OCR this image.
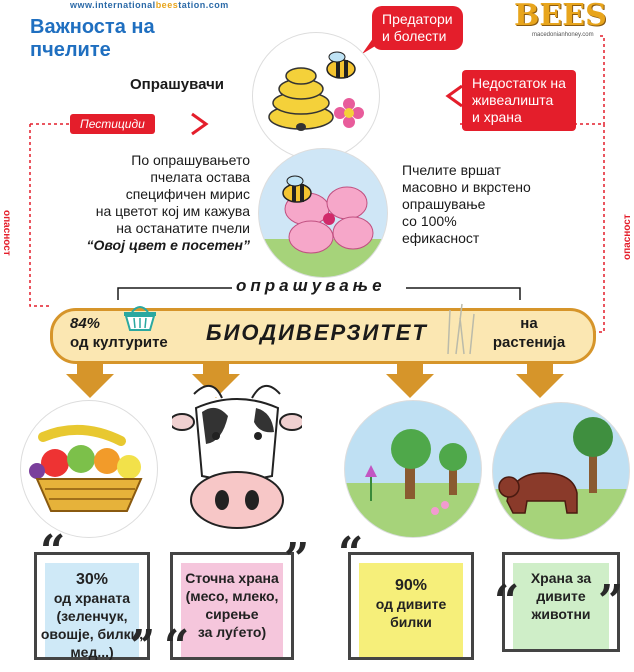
www.internationalbeestation.com
Важноста на
пчелите
BEES
macedonianhoney.com
опасност	опасност
Предатори
и болести
Недостаток на
живеалишта
и храна
Пестициди
Опрашувачи
По опрашувањето
пчелата остава
специфичен мирис
на цветот кој им кажува
на останатите пчели
“Овој цвет е посетен”
Пчелите вршат
масовно и вкрстено
опрашување
со 100%
ефикасност
опрашување
84%
од културите БИОДИВЕРЗИТЕТ	на
растенија
30%
од храната
(зеленчук,
овошје, билки,
мед...)
“
”
Сточна храна
(месо, млеко,
сирење
за луѓето)
”
“
90%
од дивите
билки
“	Храна за
дивите
животни
“ ”
